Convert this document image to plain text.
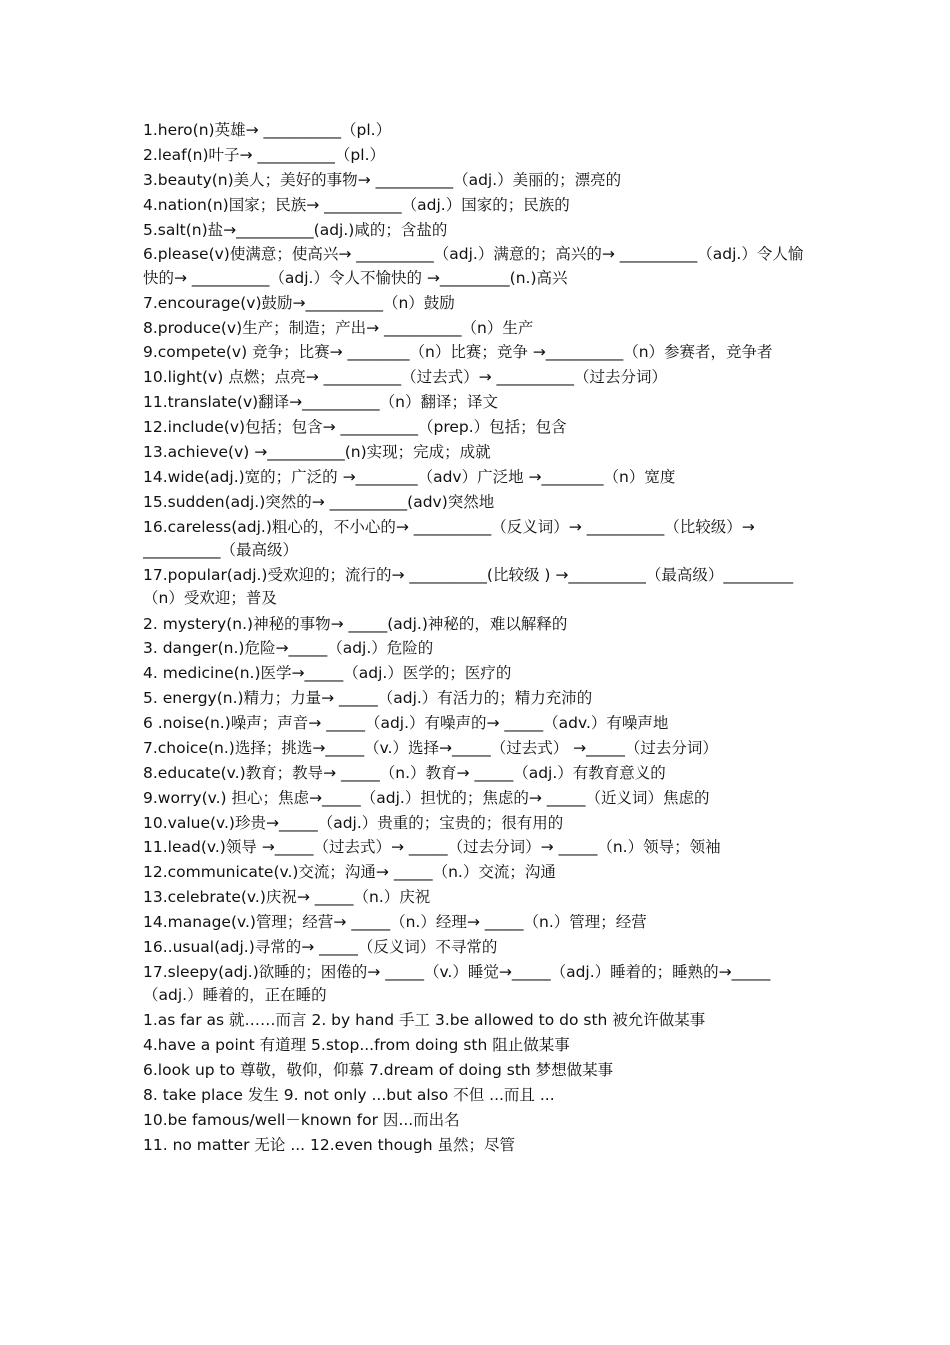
1.hero(n)英雄→ __________（pl.）
2.leaf(n)叶子→ __________（pl.）
3.beauty(n)美人；美好的事物→ __________（adj.）美丽的；漂亮的
4.nation(n)国家；民族→ __________（adj.）国家的；民族的
5.salt(n)盐→__________(adj.)咸的；含盐的
6.please(v)使满意；使高兴→ __________（adj.）满意的；高兴的→ __________（adj.）令人愉快的→ __________（adj.）令人不愉快的 →_________(n.)高兴
7.encourage(v)鼓励→__________（n）鼓励
8.produce(v)生产；制造；产出→ __________（n）生产
9.compete(v) 竞争；比赛→ ________（n）比赛；竞争 →__________（n）参赛者，竞争者
10.light(v) 点燃；点亮→ __________（过去式）→ __________（过去分词）
11.translate(v)翻译→__________（n）翻译；译文
12.include(v)包括；包含→ __________（prep.）包括；包含
13.achieve(v) →__________(n)实现；完成；成就
14.wide(adj.)宽的；广泛的 →________（adv）广泛地 →________（n）宽度
15.sudden(adj.)突然的→ __________(adv)突然地
16.careless(adj.)粗心的，不小心的→ __________（反义词）→ __________（比较级）→ __________（最高级）
17.popular(adj.)受欢迎的；流行的→ __________(比较级 ) →__________（最高级）_________（n）受欢迎；普及
2. mystery(n.)神秘的事物→ _____(adj.)神秘的，难以解释的
3. danger(n.)危险→_____（adj.）危险的
4. medicine(n.)医学→_____（adj.）医学的；医疗的
5. energy(n.)精力；力量→ _____（adj.）有活力的；精力充沛的
6 .noise(n.)噪声；声音→ _____（adj.）有噪声的→ _____（adv.）有噪声地
7.choice(n.)选择；挑选→_____（v.）选择→_____（过去式） →_____（过去分词）
8.educate(v.)教育；教导→ _____（n.）教育→ _____（adj.）有教育意义的
9.worry(v.) 担心；焦虑→_____（adj.）担忧的；焦虑的→ _____（近义词）焦虑的
10.value(v.)珍贵→_____（adj.）贵重的；宝贵的；很有用的
11.lead(v.)领导 →_____（过去式）→ _____（过去分词）→ _____（n.）领导；领袖
12.communicate(v.)交流；沟通→ _____（n.）交流；沟通
13.celebrate(v.)庆祝→ _____（n.）庆祝
14.manage(v.)管理；经营→ _____（n.）经理→ _____（n.）管理；经营
16..usual(adj.)寻常的→ _____（反义词）不寻常的
17.sleepy(adj.)欲睡的；困倦的→ _____（v.）睡觉→_____（adj.）睡着的；睡熟的→_____（adj.）睡着的，正在睡的
1.as far as 就……而言 2. by hand 手工 3.be allowed to do sth 被允许做某事
4.have a point 有道理 5.stop...from doing sth 阻止做某事
6.look up to 尊敬，敬仰，仰慕 7.dream of doing sth 梦想做某事
8. take place 发生 9. not only ...but also 不但 ...而且 ...
10.be famous/well－known for 因...而出名
11. no matter 无论 ... 12.even though 虽然；尽管
